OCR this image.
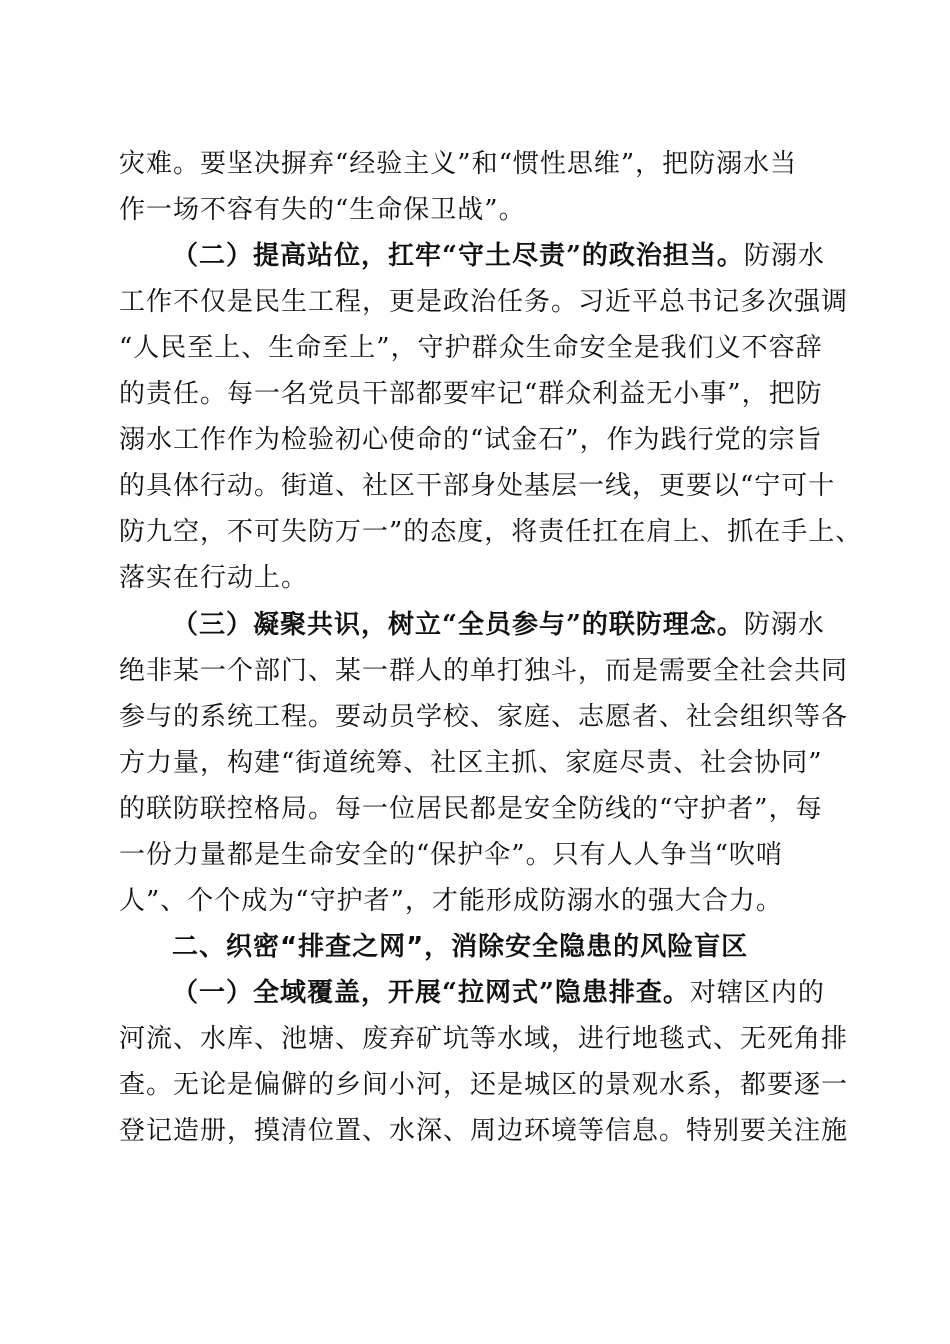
灾难。要坚决摒弃“经验主义”和“惯性思维”，把防溺水当
作一场不容有失的“生命保卫战”。
（二）提高站位，扛牢“守土尽责”的政治担当。防溺水
工作不仅是民生工程，更是政治任务。习近平总书记多次强调
“人民至上、生命至上”，守护群众生命安全是我们义不容辞
的责任。每一名党员干部都要牢记“群众利益无小事”，把防
溺水工作作为检验初心使命的“试金石”，作为践行党的宗旨
的具体行动。街道、社区干部身处基层一线，更要以“宁可十
防九空，不可失防万一”的态度，将责任扛在肩上、抓在手上、
落实在行动上。
（三）凝聚共识，树立“全员参与”的联防理念。防溺水
绝非某一个部门、某一群人的单打独斗，而是需要全社会共同
参与的系统工程。要动员学校、家庭、志愿者、社会组织等各
方力量，构建“街道统筹、社区主抓、家庭尽责、社会协同”
的联防联控格局。每一位居民都是安全防线的“守护者”，每
一份力量都是生命安全的“保护伞”。只有人人争当“吹哨
人”、个个成为“守护者”，才能形成防溺水的强大合力。
二、织密“排查之网”，消除安全隐患的风险盲区
（一）全域覆盖，开展“拉网式”隐患排查。对辖区内的
河流、水库、池塘、废弃矿坑等水域，进行地毯式、无死角排
查。无论是偏僻的乡间小河，还是城区的景观水系，都要逐一
登记造册，摸清位置、水深、周边环境等信息。特别要关注施
